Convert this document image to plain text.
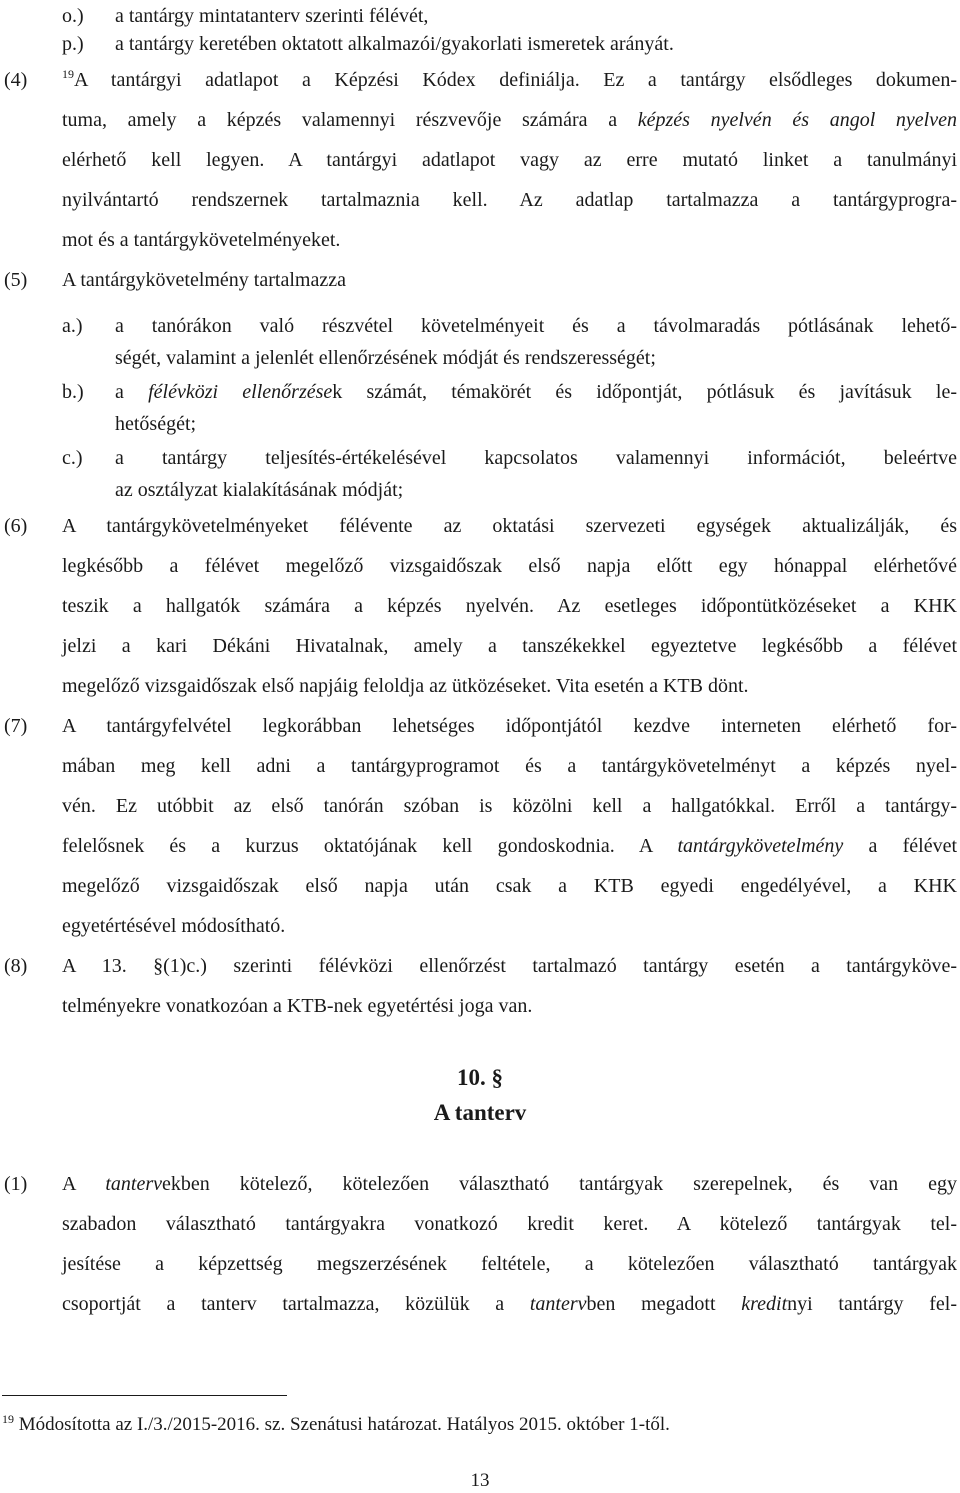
o.) a tantárgy mintatanterv szerinti félévét,
p.) a tantárgy keretében oktatott alkalmazói/gyakorlati ismeretek arányát.
(4)	$^{19}$A tantárgyi adatlapot a Képzési Kódex definiálja. Ez a tantárgy elsődleges dokumen-
tuma, amely a képzés valamennyi részvevője számára a képzés nyelvén és angol nyelven
elérhető kell legyen. A tantárgyi adatlapot vagy az erre mutató linket a tanulmányi
nyilvántartó rendszernek tartalmaznia kell. Az adatlap tartalmazza a tantárgyprogra-
mot és a tantárgykövetelményeket.
(5) A tantárgykövetelmény tartalmazza
a.) a tanórákon való részvétel követelményeit és a távolmaradás pótlásának lehető-
ségét, valamint a jelenlét ellenőrzésének módját és rendszerességét;
b.) a félévközi ellenőrzések számát, témakörét és időpontját, pótlásuk és javításuk le-
hetőségét;
c.) a tantárgy teljesítés-értékelésével kapcsolatos valamennyi információt, beleértve
az osztályzat kialakításának módját;
(6) A tantárgykövetelményeket félévente az oktatási szervezeti egységek aktualizálják, és
legkésőbb a félévet megelőző vizsgaidőszak első napja előtt egy hónappal elérhetővé
teszik a hallgatók számára a képzés nyelvén. Az esetleges időpontütközéseket a KHK
jelzi a kari Dékáni Hivatalnak, amely a tanszékekkel egyeztetve legkésőbb a félévet
megelőző vizsgaidőszak első napjáig feloldja az ütközéseket. Vita esetén a KTB dönt.
(7) A tantárgyfelvétel legkorábban lehetséges időpontjától kezdve interneten elérhető for-
mában meg kell adni a tantárgyprogramot és a tantárgykövetelményt a képzés nyel-
vén. Ez utóbbit az első tanórán szóban is közölni kell a hallgatókkal. Erről a tantárgy-
felelősnek és a kurzus oktatójának kell gondoskodnia. A tantárgykövetelmény a félévet
megelőző vizsgaidőszak első napja után csak a KTB egyedi engedélyével, a KHK
egyetértésével módosítható.
(8) A 13. §(1)c.) szerinti félévközi ellenőrzést tartalmazó tantárgy esetén a tantárgyköve-
telményekre vonatkozóan a KTB-nek egyetértési joga van.
10. §
A tanterv
(1) A tantervekben kötelező, kötelezően választható tantárgyak szerepelnek, és van egy
szabadon választható tantárgyakra vonatkozó kredit keret. A kötelező tantárgyak tel-
jesítése a képzettség megszerzésének feltétele, a kötelezően választható tantárgyak
csoportját a tanterv tartalmazza, közülük a tantervben megadott kreditnyi tantárgy fel-
$^{19}$ Módosította az I./3./2015-2016. sz. Szenátusi határozat. Hatályos 2015. október 1-től.
13
